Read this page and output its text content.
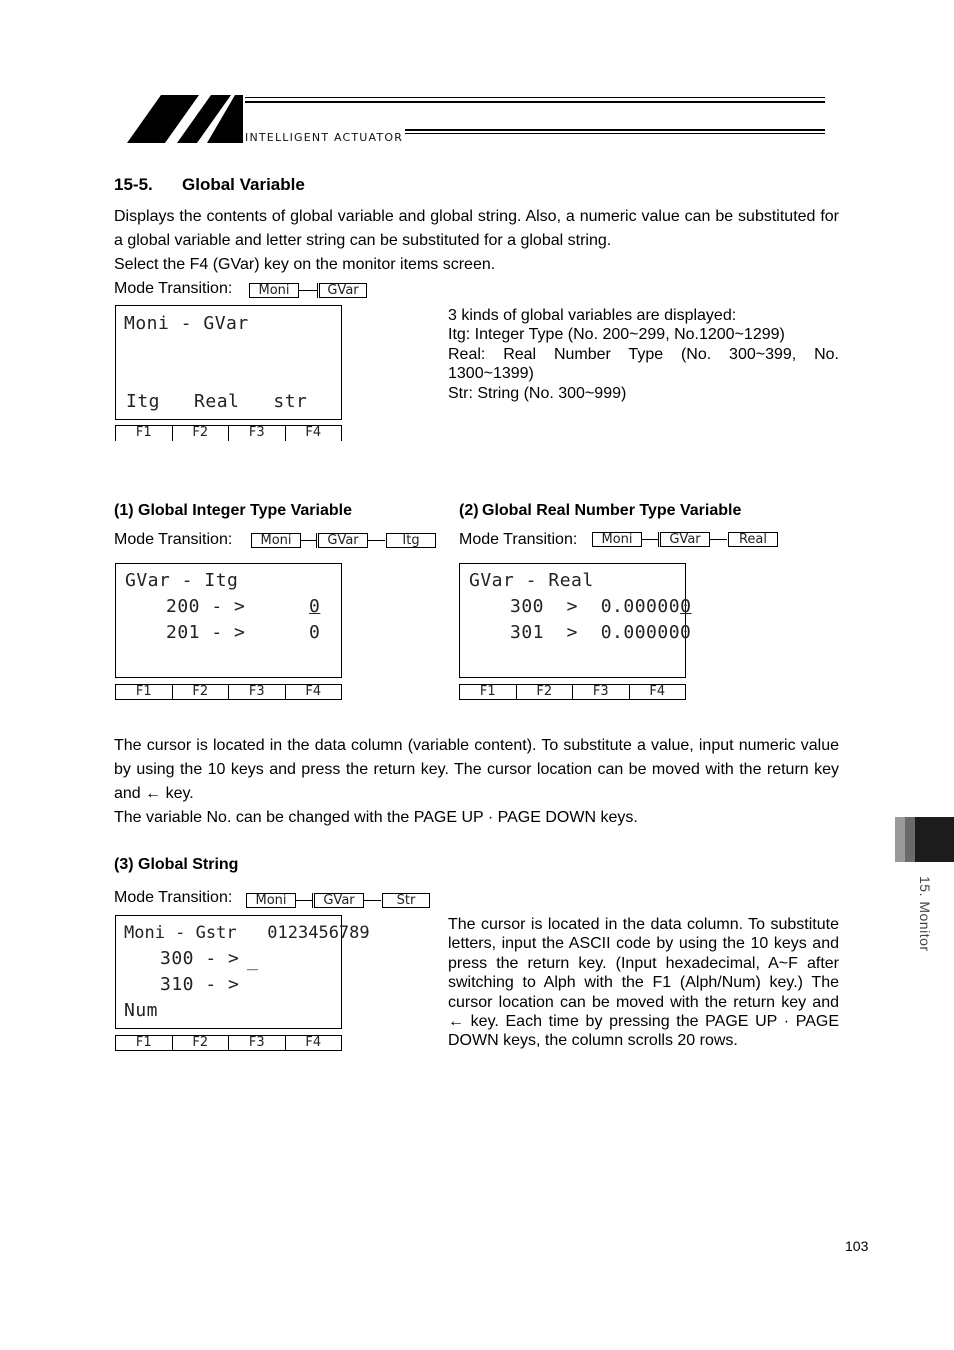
INTELLIGENT ACTUATOR
15-5. Global Variable
Displays the contents of global variable and global string. Also, a numeric value can be substituted for a global variable and letter string can be substituted for a global string.
Select the F4 (GVar) key on the monitor items screen.
Mode Transition:	Moni	GVar
Moni - GVar
Itg   Real   str
F1	F2	F3	F4
3 kinds of global variables are displayed:
Itg: Integer Type (No. 200~299, No.1200~1299)
Real: Real Number Type (No. 300~399, No. 1300~1399)
Str: String (No. 300~999)
(1) Global Integer Type Variable
Mode Transition:	Moni	GVar	Itg
GVar - Itg
200 - >	0
201 - >	0
F1	F2	F3	F4
(2) Global Real Number Type Variable
Mode Transition:	Moni	GVar	Real
GVar - Real
300  >  0.000000
301  >  0.000000
F1	F2	F3	F4
The cursor is located in the data column (variable content). To substitute a value, input numeric value by using the 10 keys and press the return key. The cursor location can be moved with the return key and ← key.
The variable No. can be changed with the PAGE UP · PAGE DOWN keys.
(3) Global String
Mode Transition:	Moni	GVar	Str
Moni - Gstr   0123456789
300 - > _
310 - >
Num
F1	F2	F3	F4
The cursor is located in the data column. To substitute letters, input the ASCII code by using the 10 keys and press the return key. (Input hexadecimal, A~F after switching to Alph with the F1 (Alph/Num) key.) The cursor location can be moved with the return key and ← key. Each time by pressing the PAGE UP · PAGE DOWN keys, the column scrolls 20 rows.
15. Monitor
103
